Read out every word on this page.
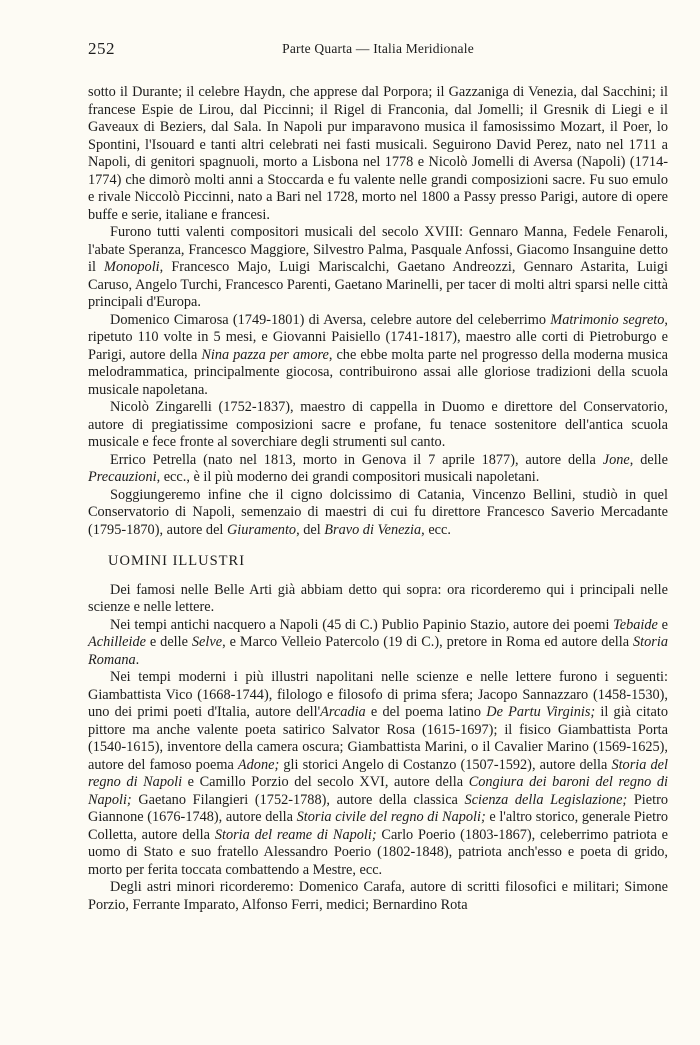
252	Parte Quarta — Italia Meridionale

sotto il Durante; il celebre Haydn, che apprese dal Porpora; il Gazzaniga di Venezia, dal Sacchini; il francese Espie de Lirou, dal Piccinni; il Rigel di Franconia, dal Jomelli; il Gresnik di Liegi e il Gaveaux di Beziers, dal Sala. In Napoli pur imparavono musica il famosissimo Mozart, il Poer, lo Spontini, l'Isouard e tanti altri celebrati nei fasti musicali. Seguirono David Perez, nato nel 1711 a Napoli, di genitori spagnuoli, morto a Lisbona nel 1778 e Nicolò Jomelli di Aversa (Napoli) (1714-1774) che dimorò molti anni a Stoccarda e fu valente nelle grandi composizioni sacre. Fu suo emulo e rivale Niccolò Piccinni, nato a Bari nel 1728, morto nel 1800 a Passy presso Parigi, autore di opere buffe e serie, italiane e francesi.

Furono tutti valenti compositori musicali del secolo XVIII: Gennaro Manna, Fedele Fenaroli, l'abate Speranza, Francesco Maggiore, Silvestro Palma, Pasquale Anfossi, Giacomo Insanguine detto il Monopoli, Francesco Majo, Luigi Mariscalchi, Gaetano Andreozzi, Gennaro Astarita, Luigi Caruso, Angelo Turchi, Francesco Parenti, Gaetano Marinelli, per tacer di molti altri sparsi nelle città principali d'Europa.

Domenico Cimarosa (1749-1801) di Aversa, celebre autore del celeberrimo Matrimonio segreto, ripetuto 110 volte in 5 mesi, e Giovanni Paisiello (1741-1817), maestro alle corti di Pietroburgo e Parigi, autore della Nina pazza per amore, che ebbe molta parte nel progresso della moderna musica melodrammatica, principalmente giocosa, contribuirono assai alle gloriose tradizioni della scuola musicale napoletana.

Nicolò Zingarelli (1752-1837), maestro di cappella in Duomo e direttore del Conservatorio, autore di pregiatissime composizioni sacre e profane, fu tenace sostenitore dell'antica scuola musicale e fece fronte al soverchiare degli strumenti sul canto.

Errico Petrella (nato nel 1813, morto in Genova il 7 aprile 1877), autore della Jone, delle Precauzioni, ecc., è il più moderno dei grandi compositori musicali napoletani.

Soggiungeremo infine che il cigno dolcissimo di Catania, Vincenzo Bellini, studiò in quel Conservatorio di Napoli, semenzaio di maestri di cui fu direttore Francesco Saverio Mercadante (1795-1870), autore del Giuramento, del Bravo di Venezia, ecc.

UOMINI ILLUSTRI

Dei famosi nelle Belle Arti già abbiam detto qui sopra: ora ricorderemo qui i principali nelle scienze e nelle lettere.

Nei tempi antichi nacquero a Napoli (45 di C.) Publio Papinio Stazio, autore dei poemi Tebaide e Achilleide e delle Selve, e Marco Velleio Patercolo (19 di C.), pretore in Roma ed autore della Storia Romana.

Nei tempi moderni i più illustri napolitani nelle scienze e nelle lettere furono i seguenti: Giambattista Vico (1668-1744), filologo e filosofo di prima sfera; Jacopo Sannazzaro (1458-1530), uno dei primi poeti d'Italia, autore dell'Arcadia e del poema latino De Partu Virginis; il già citato pittore ma anche valente poeta satirico Salvator Rosa (1615-1697); il fisico Giambattista Porta (1540-1615), inventore della camera oscura; Giambattista Marini, o il Cavalier Marino (1569-1625), autore del famoso poema Adone; gli storici Angelo di Costanzo (1507-1592), autore della Storia del regno di Napoli e Camillo Porzio del secolo XVI, autore della Congiura dei baroni del regno di Napoli; Gaetano Filangieri (1752-1788), autore della classica Scienza della Legislazione; Pietro Giannone (1676-1748), autore della Storia civile del regno di Napoli; e l'altro storico, generale Pietro Colletta, autore della Storia del reame di Napoli; Carlo Poerio (1803-1867), celeberrimo patriota e uomo di Stato e suo fratello Alessandro Poerio (1802-1848), patriota anch'esso e poeta di grido, morto per ferita toccata combattendo a Mestre, ecc.

Degli astri minori ricorderemo: Domenico Carafa, autore di scritti filosofici e militari; Simone Porzio, Ferrante Imparato, Alfonso Ferri, medici; Bernardino Rota
